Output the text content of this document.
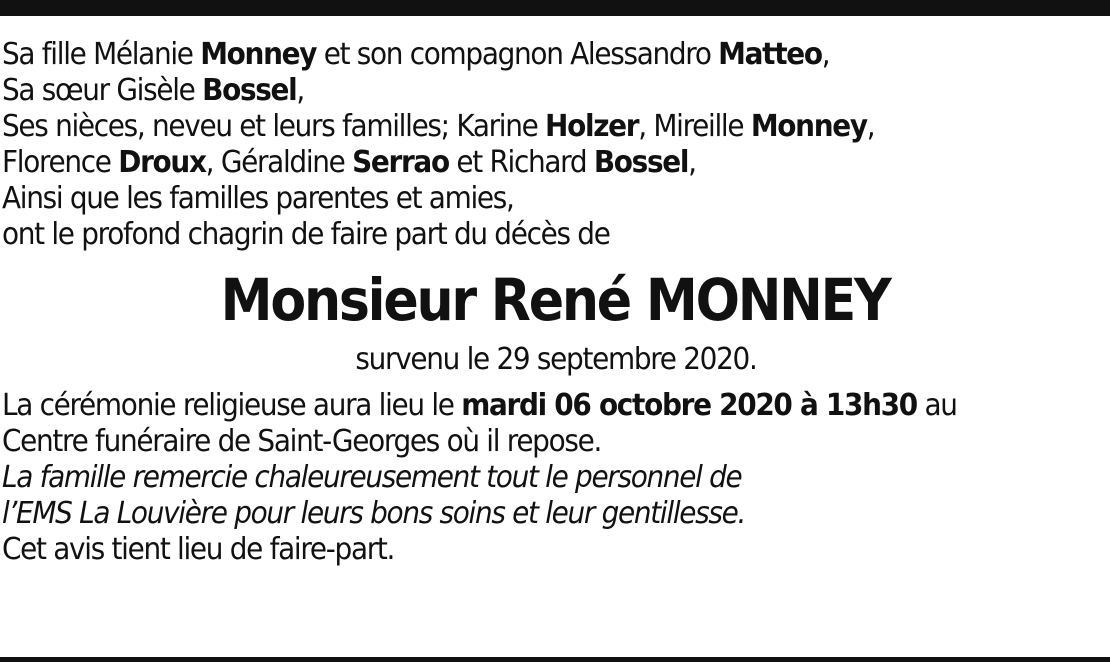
Sa fille Mélanie Monney et son compagnon Alessandro Matteo,
Sa sœur Gisèle Bossel,
Ses nièces, neveu et leurs familles; Karine Holzer, Mireille Monney,
Florence Droux, Géraldine Serrao et Richard Bossel,
Ainsi que les familles parentes et amies,
ont le profond chagrin de faire part du décès de
Monsieur René MONNEY
survenu le 29 septembre 2020.
La cérémonie religieuse aura lieu le mardi 06 octobre 2020 à 13h30 au
Centre funéraire de Saint-Georges où il repose.
La famille remercie chaleureusement tout le personnel de
l’EMS La Louvière pour leurs bons soins et leur gentillesse.
Cet avis tient lieu de faire-part.
